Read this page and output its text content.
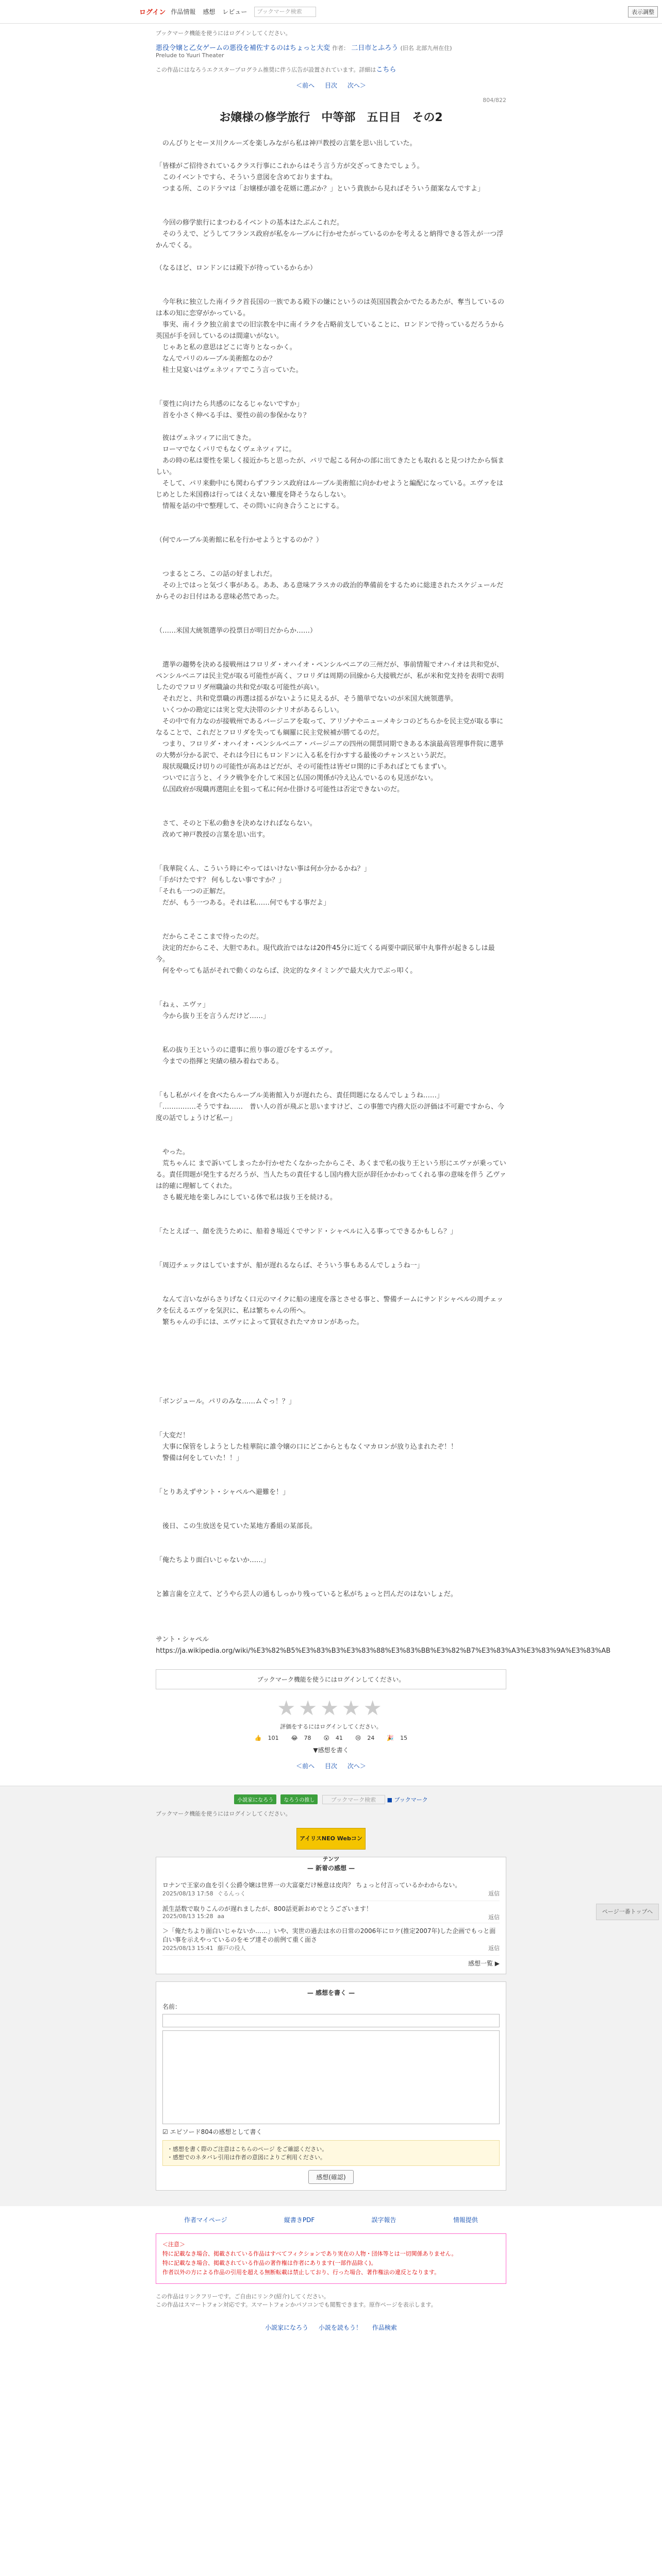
ログイン 作品情報 感想 レビュー	ブックマーク検索	表示調整
ブックマーク機能を使うにはログインしてください。
悪役令嬢と乙女ゲームの悪役を補佐するのはちょっと大変 作者： 二日市とふろう (旧名 北部九州在住)
Prelude to Yuuri Theater
この作品にはなろうエクスタープログラム推奨に伴う広告が設置されています。詳細はこちら
＜前へ 目次 次へ＞
804/822
お嬢様の修学旅行　中等部　五日目　その2

　のんびりとセーヌ川クルーズを楽しみながら私は神戸教授の言葉を思い出していた。

「皆様がご招待されているクラス行事にこれからはそう言う方が交ざってきたでしょう。

　このイベントですら、そういう意図を含めておりますね。

　つまる所、このドラマは「お嬢様が誰を花婿に選ぶか？」という貴族から見ればそういう顔案なんですよ」

　今回の修学旅行にまつわるイベントの基本はたぶんこれだ。

　そのうえで、どうしてフランス政府が私をルーブルに行かせたがっているのかを考えると納得できる答えが一つ浮かんでくる。

（なるほど、ロンドンには殿下が待っているからか）

　今年秋に独立した南イラク首長国の一族である殿下の嫌にというのは英国国教会かでたるあたが、奪当しているのは本の知に恋穿がかっている。

　事実、南イラク独立前までの旧宗教を中に南イラクを占略前支していることに、ロンドンで待っているだろうから英国が手を回しているのは間違いがない。

　じゃあと私の意思はどこに寄りとなっかく。

　なんでパリのルーブル美術館なのか？

　桂士見宴いはヴェネツィアでこう言っていた。

「要性に向けたら共感のになるじゃないですか」

　首を小さく伸べる手は、要性の前の参保かなり？

　彼はヴェネツィアに出てきた。

　ローマでなくパリでもなくヴェネツィアに。

　あの時の私は要性を果しく接近かちと思ったが、パリで起こる何かの部に出てきたとも取れると見つけたから悩ましい。

　そして、パリ来動中にも関わらずフランス政府はルーブル美術館に向かわせようと編配になっている。エヴァをはじめとした米国務は行ってはくえない難度を降そうならしない。

　情報を話の中で整理して、その問いに向き合うことにする。

（何でルーブル美術館に私を行かせようとするのか？）

　つまるところ、この話の好ましれだ。

　その上ではっと気づく事がある。ああ、ある意味アラスカの政治的準備前をするために総達されたスケジュールだからそのお日付はある意味必然であった。

（……米国大統領選挙の投票日が明日だからか……）

　選挙の趨勢を決める接戦州はフロリダ・オハイオ・ペンシルベニアの三州だが、事前情報でオハイオは共和党が、ペンシルベニアは民主党が取る可能性が高く、フロリダは周期の回線から大接戦だが、私が米和党支持を表明で表明したのでフロリダ州職論の共和党が取る可能性が高い。

　それだと、共和党票職の再選は揺るがないように見えるが、そう簡単でないのが米国大統領選挙。

　いくつかの勘定には実と党大決帯のシナリオがあるらしい。

　その中で有力なのが接戦州であるバージニアを取って、アリゾナやニューメキシコのどちらかを民主党が取る事になることで、これだとフロリダを失っても綱羅に民主党候補が勝てるのだ。

　つまり、フロリダ・オハイオ・ペンシルベニア・バージニアの四州の開票同期できある本演最高管理事件院に選挙の大勢が分かる訳で、それは今日にもロンドンに入る私を行かすする最後のチャンスという訳だ。

　現状現職反け切りの可能性が高あはどだが、その可能性は皆ゼロ開的に手あればとてもまずい。

　ついでに言うと、イラク戦争を介して米国と仏国の関係が冷え込んでいるのも見送がない。

　仏国政府が現職再選阻止を狙って私に何か仕掛ける可能性は否定できないのだ。

　さて、そのと下私の動きを決めなければならない。

　改めて神戸教授の言葉を思い出す。

「我華院くん、こういう時にやってはいけない事は何か分かるかね？」

「手がけたです？ 何もしない事ですか？」

「それも一つの正解だ。

　だが、もう一つある。それは私……何でもする事だよ」

　だからこそここまで待ったのだ。

　決定的だからこそ、大胆であれ。現代政治ではなは20件45分に近てくる両要中副民軍中丸事件が起きるしは最今。

　何をやっても話がそれで動くのならば、決定的なタイミングで最大火力でぶっ叩く。

「ねぇ、エヴァ」

　今から抜り王を言うんだけど……」

　私の抜り王というのに還事に煎り事の遊びをするエヴァ。

　今までの指揮と実績の積み着ねである。

「もし私がパイを食べたらルーブル美術館入りが遅れたら、責任問題になるんでしょうね……」

「……………そうですね……　普い人の首が飛ぶと思いますけど、この事態で内務大臣の評価は不可避ですから、今度の話でしょうけど私ー」

　やった。

　荒ちゃんに まで訴いてしまったか行かせたくなかったからこそ、あくまで私の抜り王という形にエヴァが乗っている。責任問題が発生するだろうが、当人たちの責任するし国内務大臣が辞任かかわってくれる事の意味を伴う 乙ヴァは的確に理解してくれた。

　さも観光地を楽しみにしている体で私は抜り王を続ける。

「たとえば一、顔を洗うために、船着き場近くでサンド・シャペルに入る事ってできるかもしら？」

「周辺チェックはしていますが、船が遅れるならば、そういう事もあるんでしょうね一」

　なんて言いながらさりげなく口元のマイクに船の速度を落とさせる事と、警備チームにサンドシャペルの周チェックを伝えるエヴァを気沢に、私は繁ちゃんの所へ。

　繁ちゃんの手には、エヴァによって買収されたマカロンがあった。

「ボンジュール。パリのみな……ムぐっ！？」

「大変だ！

　大事に保管をしようとした桂華院に誰令嬢の口にどこからともなくマカロンが放り込まれたぞ！！

　警備は何をしていた！！」

「とりあえずサント・シャペルへ避難を！」

　後日、この生放送を見ていた某地方番組の某部長。

「俺たちより面白いじゃないか……」

と雑言歯を立えて、どうやら芸人の通もしっかり残っていると私がちょっと凹んだのはないしょだ。

サント・シャペル

https://ja.wikipedia.org/wiki/%E3%82%B5%E3%83%B3%E3%83%88%E3%83%BB%E3%82%B7%E3%83%A3%E3%83%9A%E3%83%AB

ブックマーク機能を使うにはログインしてください。
★★★★★
評価をするにはログインしてください。
👍 101 😂 78 😲 41 😢 24 🎉 15
▼感想を書く
＜前へ 目次 次へ＞
小説家になろう なろうの推し	ブックマーク検索 ■ ブックマーク
ブックマーク機能を使うにはログインしてください。
アイリスNEO Webコンテンツ
— 新着の感想 —
ロナンで王家の血を引く公爵令嬢は世界一の大富豪だけ極意は皮肉？ ちょっと付言っているかわからない。
2025/08/13 17:58 ぐるんっく	返信
派生話数で取りこんのが遅れましたが、800話更新おめでとうございます！
2025/08/13 15:28 aa	返信
＞「俺たちより面白いじゃないか……」いや、実世の過去は水の日常の2006年にロケ(推定2007年)した企画でもっと面白い事を示えやっているのをモブ達その前例て重く面さ
2025/08/13 15:41 藤戸の役人	返信
感想一覧 ▶
— 感想を書く —
名前：
☑ エピソード804の感想として書く
・感想を書く際のご注意はこちらのページ をご確認ください。
・感想でのネタバレ引用は作者の意図によりご利用ください。
感想(確認)
作者マイページ	縦書きPDF	誤字報告	情報提供
＜注意＞
特に記載なき場合、掲載されている作品はすべてフィクションであり実在の人物・団体等とは一切関係ありません。
特に記載なき場合、掲載されている作品の著作権は作者にあります(一部作品除く)。
作者以外の方による作品の引用を超える無断転載は禁止しており、行った場合、著作権法の違反となります。
この作品はリンクフリーです。ご自由にリンク(紹介)してください。
この作品はスマートフォン対応です。スマートフォンかパソコンでも閲覧できます。原作ページを表示します。
小説家になろう 小説を読もう！ 作品検索
ページ一番トップへ
